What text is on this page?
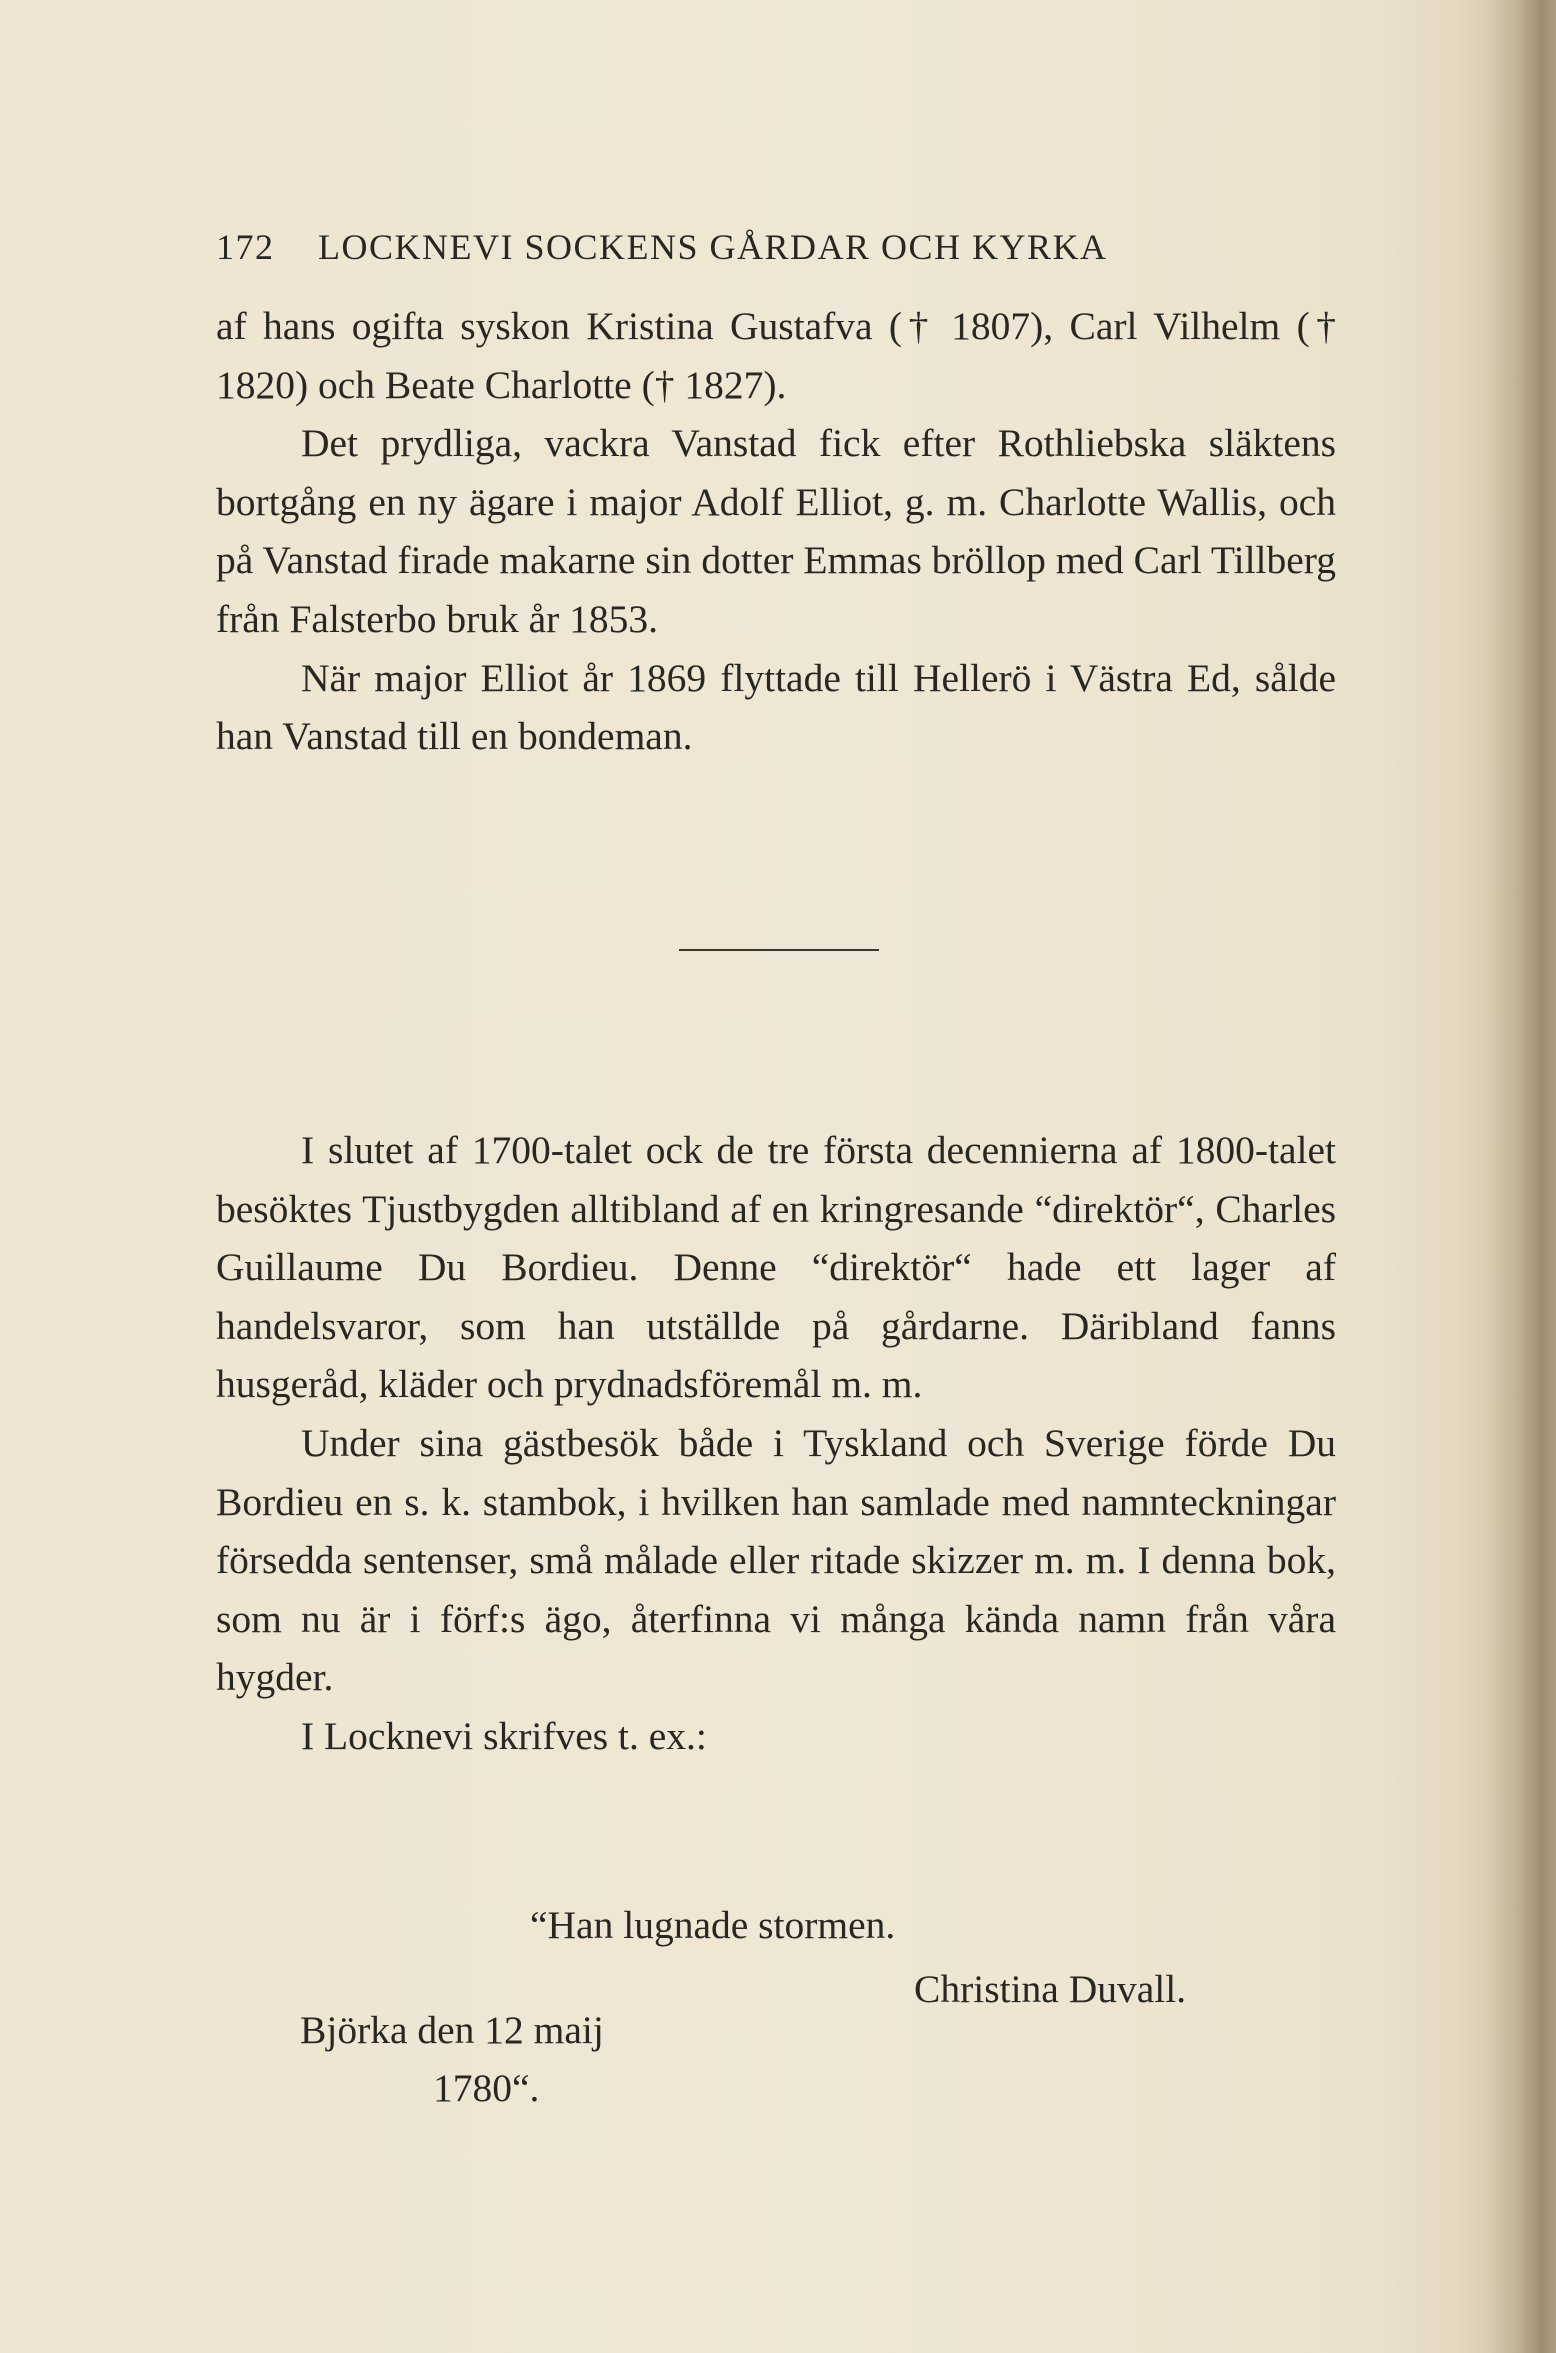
172 LOCKNEVI SOCKENS GÅRDAR OCH KYRKA

af hans ogifta syskon Kristina Gustafva († 1807), Carl Vilhelm († 1820) och Beate Charlotte († 1827).

Det prydliga, vackra Vanstad fick efter Rothliebska släktens bortgång en ny ägare i major Adolf Elliot, g. m. Charlotte Wallis, och på Vanstad firade makarne sin dotter Emmas bröllop med Carl Tillberg från Falsterbo bruk år 1853.

När major Elliot år 1869 flyttade till Hellerö i Västra Ed, sålde han Vanstad till en bondeman.

I slutet af 1700-talet ock de tre första decennierna af 1800-talet besöktes Tjustbygden alltibland af en kringresande “direktör“, Charles Guillaume Du Bordieu. Denne “direktör“ hade ett lager af handelsvaror, som han utställde på gårdarne. Däribland fanns husgeråd, kläder och prydnadsföremål m. m.

Under sina gästbesök både i Tyskland och Sverige förde Du Bordieu en s. k. stambok, i hvilken han samlade med namnteckningar försedda sentenser, små målade eller ritade skizzer m. m. I denna bok, som nu är i förf:s ägo, återfinna vi många kända namn från våra hygder.

I Locknevi skrifves t. ex.:

“Han lugnade stormen.
Christina Duvall.
Björka den 12 maij
1780“.
